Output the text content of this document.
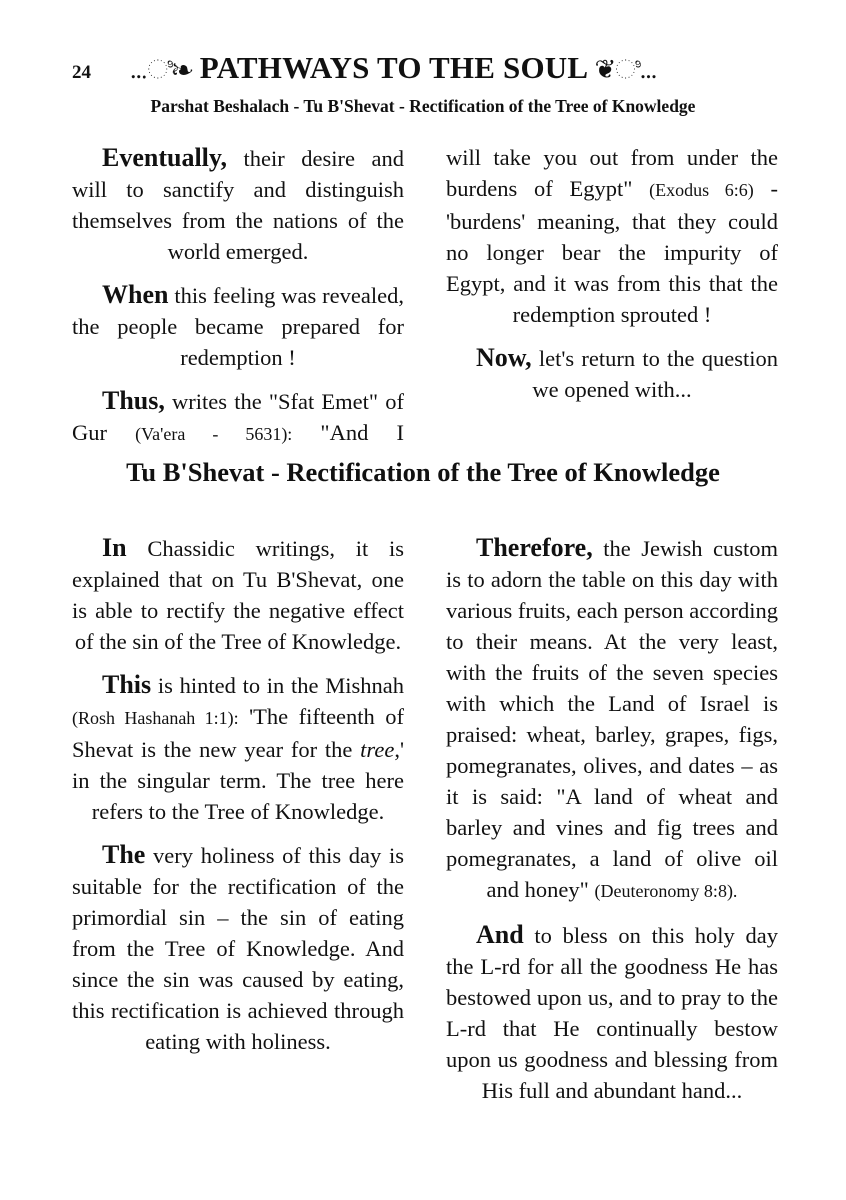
24 ...ಿ❧ PATHWAYS TO THE SOUL ❦ಿ...
Parshat Beshalach - Tu B'Shevat - Rectification of the Tree of Knowledge

Eventually, their desire and will to sanctify and distinguish themselves from the nations of the world emerged.

When this feeling was revealed, the people became prepared for redemption !

Thus, writes the "Sfat Emet" of Gur (Va'era - 5631): "And I

will take you out from under the burdens of Egypt" (Exodus 6:6) - 'burdens' meaning, that they could no longer bear the impurity of Egypt, and it was from this that the redemption sprouted !

Now, let's return to the question we opened with...

Tu B'Shevat - Rectification of the Tree of Knowledge

In Chassidic writings, it is explained that on Tu B'Shevat, one is able to rectify the negative effect of the sin of the Tree of Knowledge.

This is hinted to in the Mishnah (Rosh Hashanah 1:1): 'The fifteenth of Shevat is the new year for the tree,' in the singular term. The tree here refers to the Tree of Knowledge.

The very holiness of this day is suitable for the rectification of the primordial sin – the sin of eating from the Tree of Knowledge. And since the sin was caused by eating, this rectification is achieved through eating with holiness.

Therefore, the Jewish custom is to adorn the table on this day with various fruits, each person according to their means. At the very least, with the fruits of the seven species with which the Land of Israel is praised: wheat, barley, grapes, figs, pomegranates, olives, and dates – as it is said: "A land of wheat and barley and vines and fig trees and pomegranates, a land of olive oil and honey" (Deuteronomy 8:8).

And to bless on this holy day the L-rd for all the goodness He has bestowed upon us, and to pray to the L-rd that He continually bestow upon us goodness and blessing from His full and abundant hand...
